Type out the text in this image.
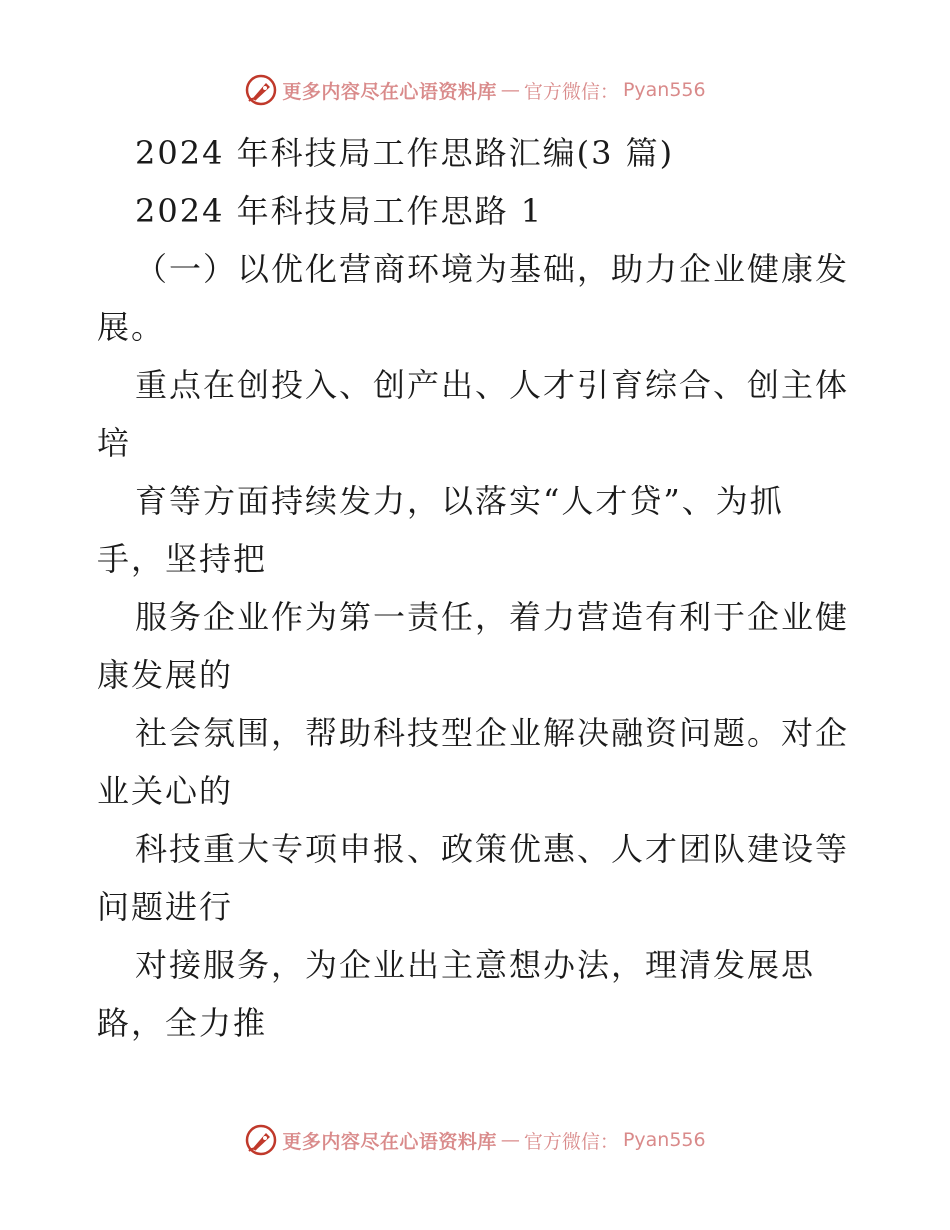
更多内容尽在心语资料库 — 官方微信： Pyan556
2024 年科技局工作思路汇编(3 篇)
2024 年科技局工作思路 1
（一）以优化营商环境为基础，助力企业健康发
展。
重点在创投入、创产出、人才引育综合、创主体
培
育等方面持续发力，以落实“人才贷”、为抓
手，坚持把
服务企业作为第一责任，着力营造有利于企业健
康发展的
社会氛围，帮助科技型企业解决融资问题。对企
业关心的
科技重大专项申报、政策优惠、人才团队建设等
问题进行
对接服务，为企业出主意想办法，理清发展思
路，全力推
更多内容尽在心语资料库 — 官方微信： Pyan556
